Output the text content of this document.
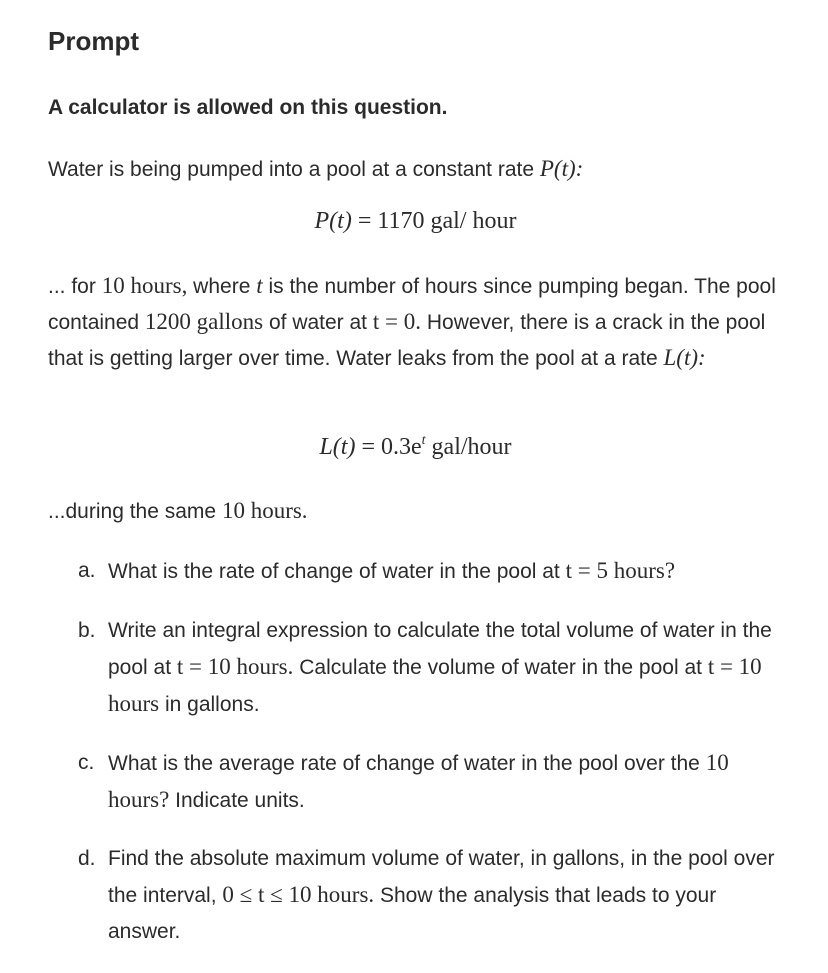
Prompt

A calculator is allowed on this question.

Water is being pumped into a pool at a constant rate P(t):

P(t) = 1170 gal/ hour

... for 10 hours, where t is the number of hours since pumping began. The pool contained 1200 gallons of water at t = 0. However, there is a crack in the pool that is getting larger over time. Water leaks from the pool at a rate L(t):

$L(t) = 0.3e^t$ gal/hour

...during the same 10 hours.

a. What is the rate of change of water in the pool at t = 5 hours?
b. Write an integral expression to calculate the total volume of water in the pool at t = 10 hours. Calculate the volume of water in the pool at t = 10 hours in gallons.
c. What is the average rate of change of water in the pool over the 10 hours? Indicate units.
d. Find the absolute maximum volume of water, in gallons, in the pool over the interval, 0 ≤ t ≤ 10 hours. Show the analysis that leads to your answer.
